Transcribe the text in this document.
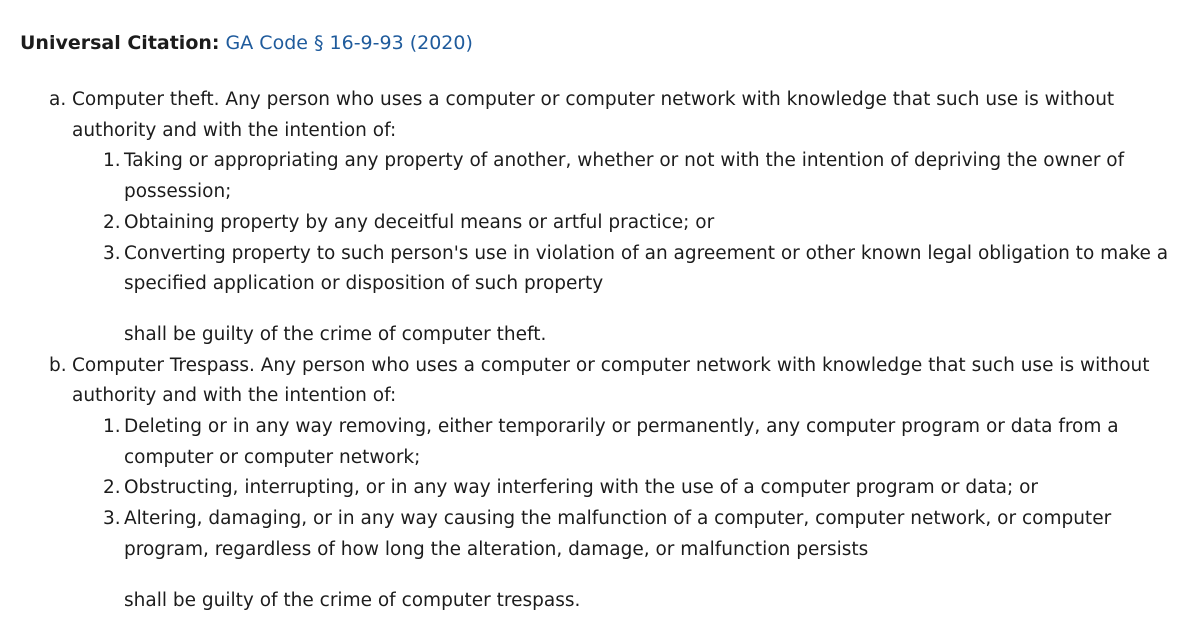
Universal Citation: GA Code § 16-9-93 (2020)
a. Computer theft. Any person who uses a computer or computer network with knowledge that such use is without authority and with the intention of:
1. Taking or appropriating any property of another, whether or not with the intention of depriving the owner of possession;
2. Obtaining property by any deceitful means or artful practice; or
3. Converting property to such person's use in violation of an agreement or other known legal obligation to make a specified application or disposition of such property
shall be guilty of the crime of computer theft.
b. Computer Trespass. Any person who uses a computer or computer network with knowledge that such use is without authority and with the intention of:
1. Deleting or in any way removing, either temporarily or permanently, any computer program or data from a computer or computer network;
2. Obstructing, interrupting, or in any way interfering with the use of a computer program or data; or
3. Altering, damaging, or in any way causing the malfunction of a computer, computer network, or computer program, regardless of how long the alteration, damage, or malfunction persists
shall be guilty of the crime of computer trespass.
